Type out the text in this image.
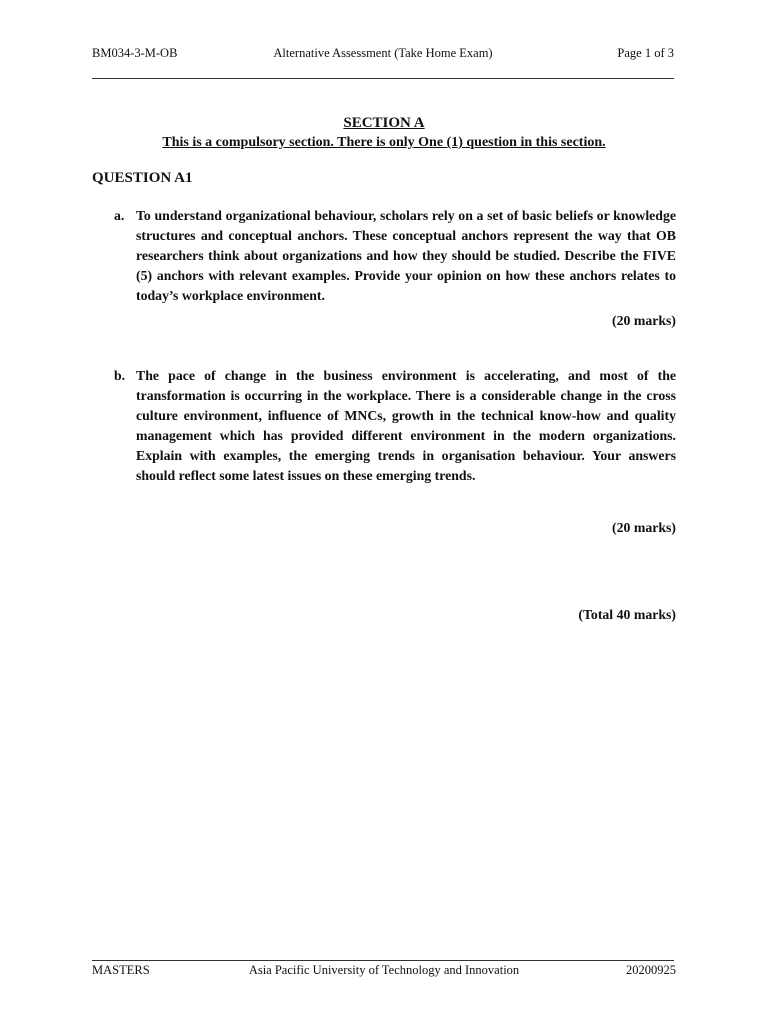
BM034-3-M-OB	Alternative Assessment (Take Home Exam)	Page 1 of 3
SECTION A
This is a compulsory section. There is only One (1) question in this section.
QUESTION A1
a. To understand organizational behaviour, scholars rely on a set of basic beliefs or knowledge structures and conceptual anchors. These conceptual anchors represent the way that OB researchers think about organizations and how they should be studied. Describe the FIVE (5) anchors with relevant examples. Provide your opinion on how these anchors relates to today’s workplace environment.
(20 marks)
b. The pace of change in the business environment is accelerating, and most of the transformation is occurring in the workplace. There is a considerable change in the cross culture environment, influence of MNCs, growth in the technical know-how and quality management which has provided different environment in the modern organizations. Explain with examples, the emerging trends in organisation behaviour. Your answers should reflect some latest issues on these emerging trends.
(20 marks)
(Total 40 marks)
MASTERS	Asia Pacific University of Technology and Innovation	20200925
